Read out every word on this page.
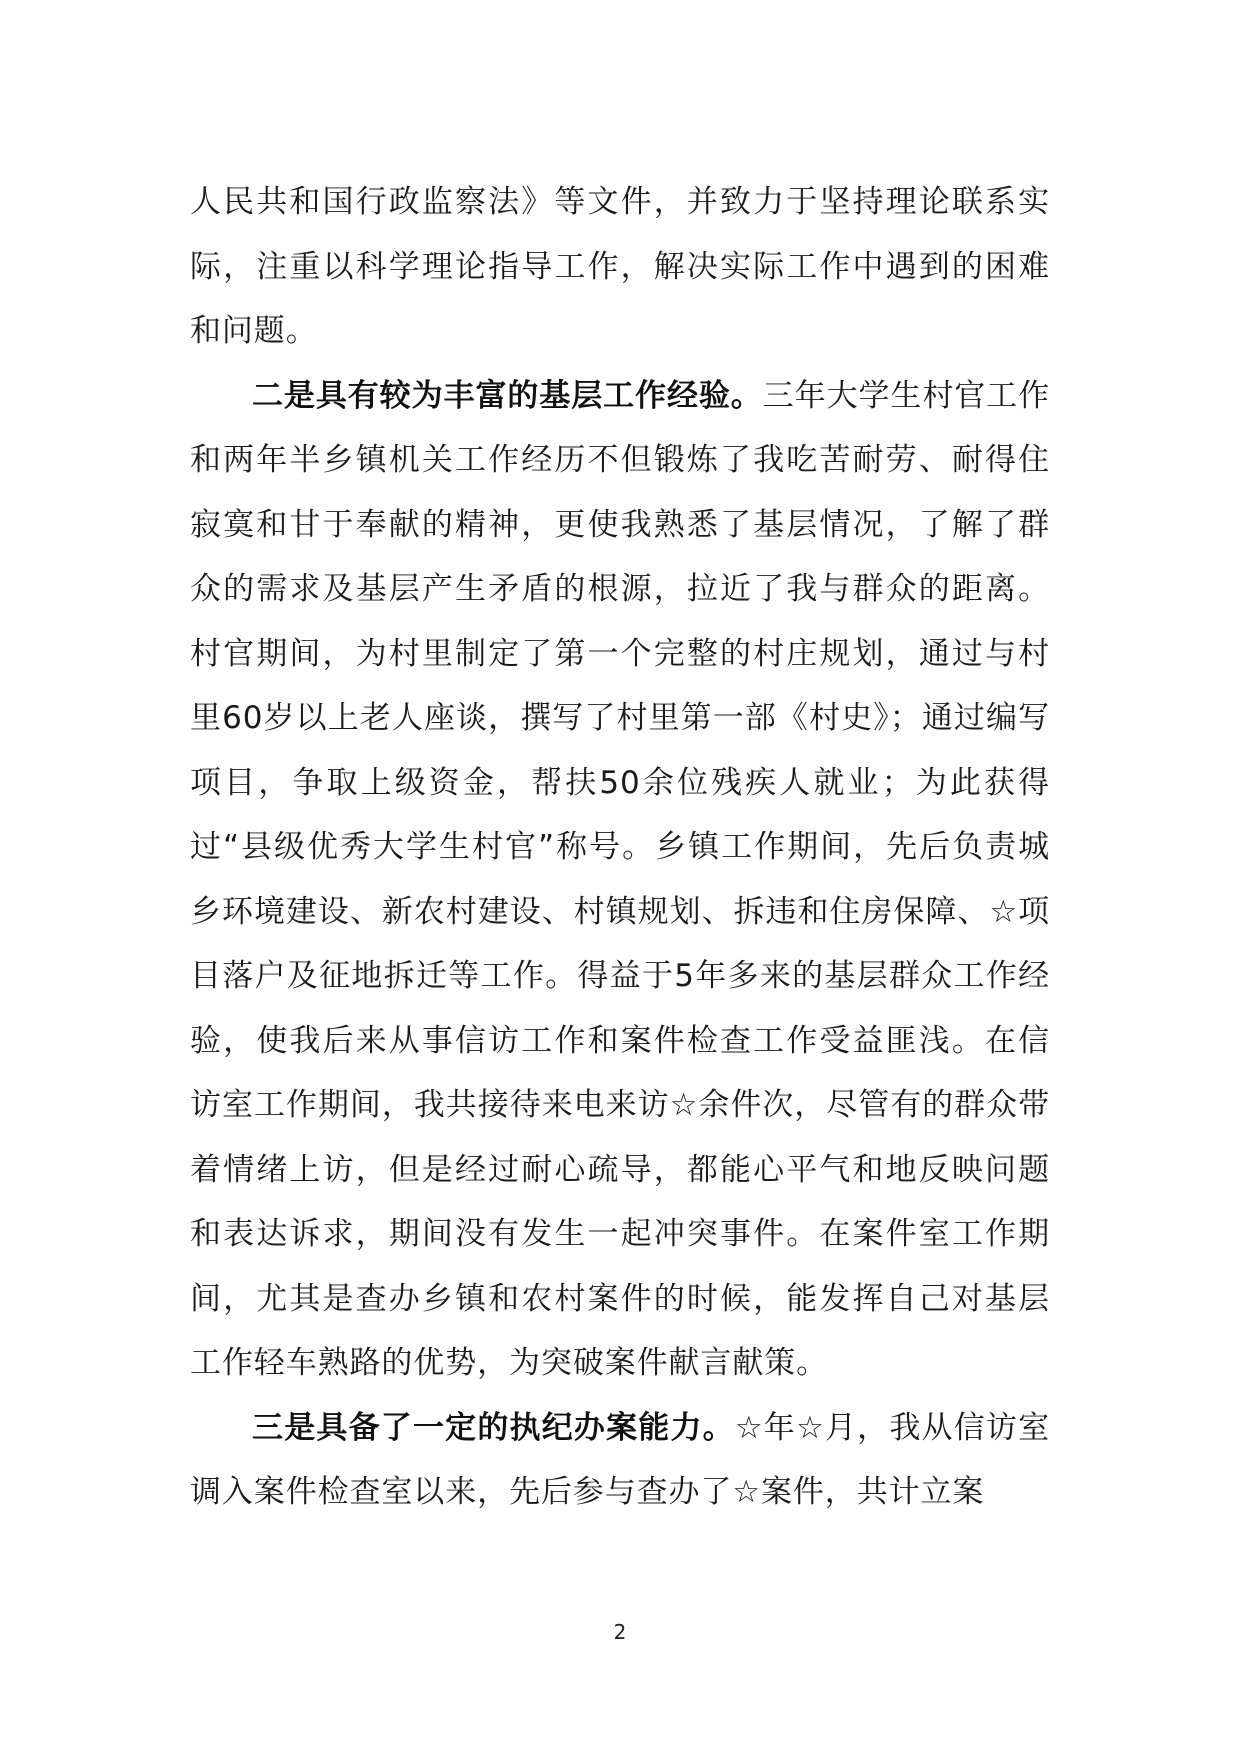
人民共和国行政监察法》等文件，并致力于坚持理论联系实际，注重以科学理论指导工作，解决实际工作中遇到的困难和问题。

二是具有较为丰富的基层工作经验。三年大学生村官工作和两年半乡镇机关工作经历不但锻炼了我吃苦耐劳、耐得住寂寞和甘于奉献的精神，更使我熟悉了基层情况，了解了群众的需求及基层产生矛盾的根源，拉近了我与群众的距离。村官期间，为村里制定了第一个完整的村庄规划，通过与村里60岁以上老人座谈，撰写了村里第一部《村史》；通过编写项目，争取上级资金，帮扶50余位残疾人就业；为此获得过“县级优秀大学生村官”称号。乡镇工作期间，先后负责城乡环境建设、新农村建设、村镇规划、拆违和住房保障、☆项目落户及征地拆迁等工作。得益于5年多来的基层群众工作经验，使我后来从事信访工作和案件检查工作受益匪浅。在信访室工作期间，我共接待来电来访☆余件次，尽管有的群众带着情绪上访，但是经过耐心疏导，都能心平气和地反映问题和表达诉求，期间没有发生一起冲突事件。在案件室工作期间，尤其是查办乡镇和农村案件的时候，能发挥自己对基层工作轻车熟路的优势，为突破案件献言献策。

三是具备了一定的执纪办案能力。☆年☆月，我从信访室调入案件检查室以来，先后参与查办了☆案件，共计立案

2
